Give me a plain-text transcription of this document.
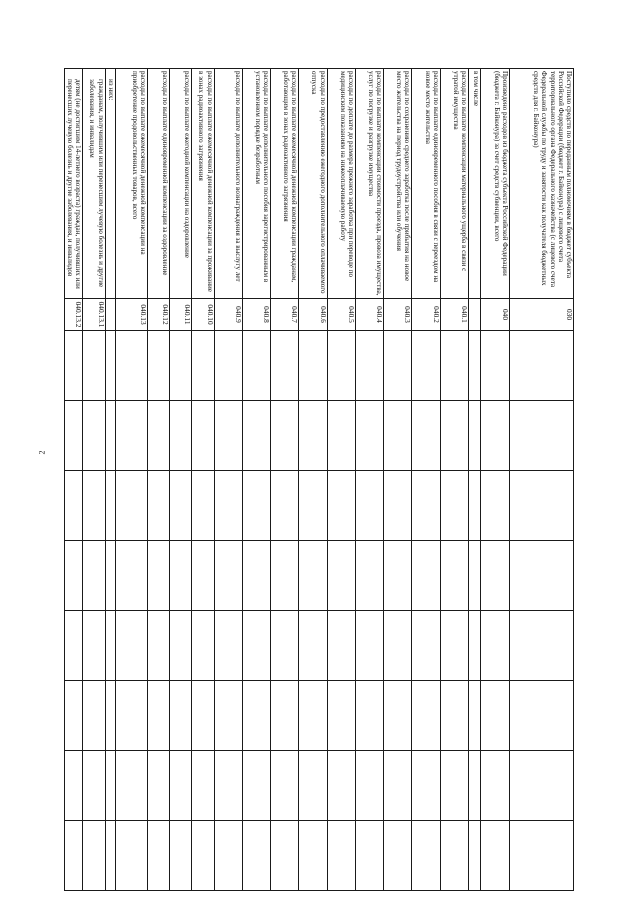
2
Поступило средств по переданным полномочиям в бюджет субъекта Российской Федерации (бюджет г. Байконура) с лицевого счета территориального органа Федерального казначейства (с лицевого счета Федеральной службы по труду и занятости как получателя бюджетных средств для г. Байконура)	030								
Произведено расходов из бюджета субъекта Российской Федерации (бюджета г. Байконура) за счет средств субвенции, всего	040								
в том числе									
расходы по выплате компенсации материального ущерба в связи с утратой имущества	040.1								
расходы по выплате единовременного пособия в связи с переездом на новое место жительства	040.2								
расходы по сохранению среднего заработка после прибытия на новое место жительства на период трудоустройства или обучения	040.3								
расходы по выплате компенсации стоимости проезда, провоза имущества, услуг по погрузке и разгрузке имущества	040.4								
расходы по доплате до размера прежнего заработка при переводе по медицинским показаниям на нижеоплачиваемую работу	040.5								
расходы по предоставлению ежегодного дополнительного оплачиваемого отпуска	040.6								
расходы по выплате ежемесячной денежной компенсации гражданам, работающим в зонах радиоактивного загрязнения	040.7								
расходы по выплате дополнительного пособия зарегистрированным в установленном порядке безработным	040.8								
расходы по выплате дополнительного вознаграждения за выслугу лет	040.9								
расходы по выплате ежемесячной денежной компенсации за проживание в зонах радиоактивного загрязнения	040.10								
расходы по выплате ежегодной компенсации на оздоровление	040.11								
расходы по выплате единовременной компенсации за оздоровление	040.12								
расходы по выплате ежемесячной денежной компенсации на приобретение продовольственных товаров, всего	040.13								
из них:									
гражданам, получившим или перенесшим лучевую болезнь и другие заболевания, и инвалидам	040.13.1								
детям (не достигшим 14-летнего возраста) граждан, получивших или перенесших лучевую болезнь и другие заболевания, и инвалидов	040.13.2								
